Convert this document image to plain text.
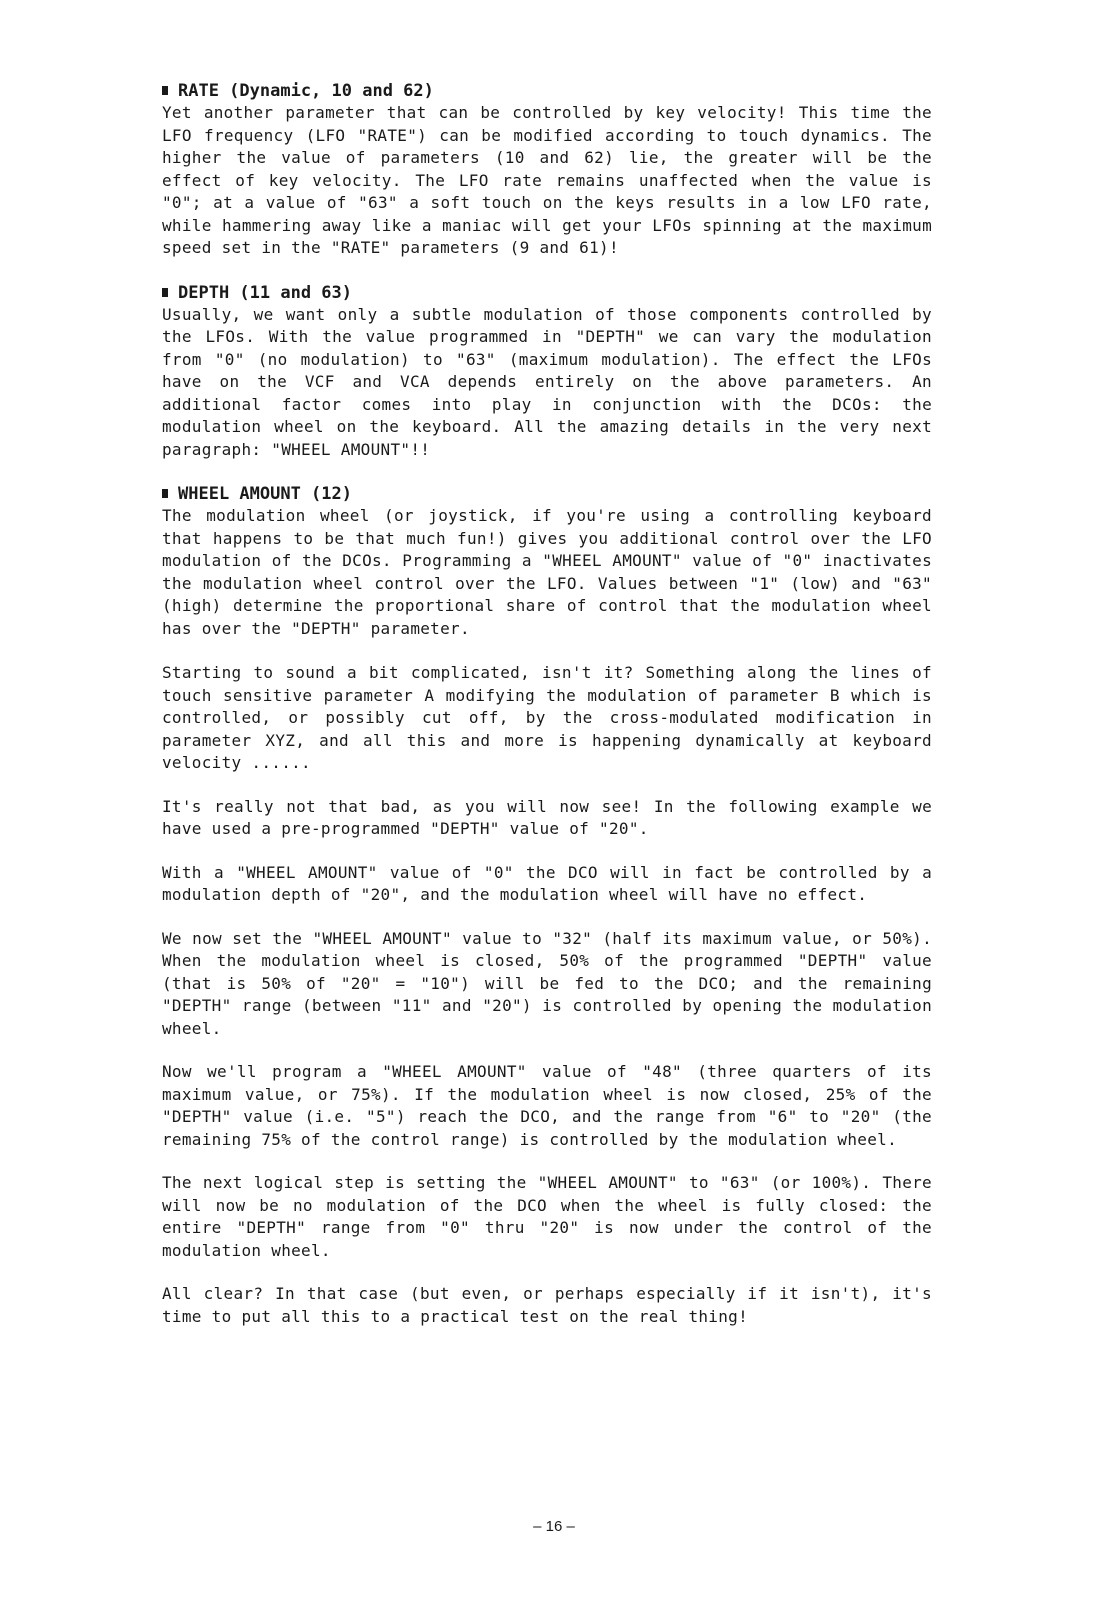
RATE (Dynamic, 10 and 62)

Yet another parameter that can be controlled by key velocity! This time the LFO frequency (LFO "RATE") can be modified according to touch dynamics. The higher the value of parameters (10 and 62) lie, the greater will be the effect of key velocity. The LFO rate remains unaffected when the value is "0"; at a value of "63" a soft touch on the keys results in a low LFO rate, while hammering away like a maniac will get your LFOs spinning at the maximum speed set in the "RATE" parameters (9 and 61)!

DEPTH (11 and 63)

Usually, we want only a subtle modulation of those components controlled by the LFOs. With the value programmed in "DEPTH" we can vary the modulation from "0" (no modulation) to "63" (maximum modulation). The effect the LFOs have on the VCF and VCA depends entirely on the above parameters. An additional factor comes into play in conjunction with the DCOs: the modulation wheel on the keyboard. All the amazing details in the very next paragraph: "WHEEL AMOUNT"!!

WHEEL AMOUNT (12)

The modulation wheel (or joystick, if you're using a controlling keyboard that happens to be that much fun!) gives you additional control over the LFO modulation of the DCOs. Programming a "WHEEL AMOUNT" value of "0" inactivates the modulation wheel control over the LFO. Values between "1" (low) and "63" (high) determine the proportional share of control that the modulation wheel has over the "DEPTH" parameter.

Starting to sound a bit complicated, isn't it? Something along the lines of touch sensitive parameter A modifying the modulation of parameter B which is controlled, or possibly cut off, by the cross-modulated modification in parameter XYZ, and all this and more is happening dynamically at keyboard velocity ......

It's really not that bad, as you will now see! In the following example we have used a pre-programmed "DEPTH" value of "20".

With a "WHEEL AMOUNT" value of "0" the DCO will in fact be controlled by a modulation depth of "20", and the modulation wheel will have no effect.

We now set the "WHEEL AMOUNT" value to "32" (half its maximum value, or 50%). When the modulation wheel is closed, 50% of the programmed "DEPTH" value (that is 50% of "20" = "10") will be fed to the DCO; and the remaining "DEPTH" range (between "11" and "20") is controlled by opening the modulation wheel.

Now we'll program a "WHEEL AMOUNT" value of "48" (three quarters of its maximum value, or 75%). If the modulation wheel is now closed, 25% of the "DEPTH" value (i.e. "5") reach the DCO, and the range from "6" to "20" (the remaining 75% of the control range) is controlled by the modulation wheel.

The next logical step is setting the "WHEEL AMOUNT" to "63" (or 100%). There will now be no modulation of the DCO when the wheel is fully closed: the entire "DEPTH" range from "0" thru "20" is now under the control of the modulation wheel.

All clear? In that case (but even, or perhaps especially if it isn't), it's time to put all this to a practical test on the real thing!

– 16 –
